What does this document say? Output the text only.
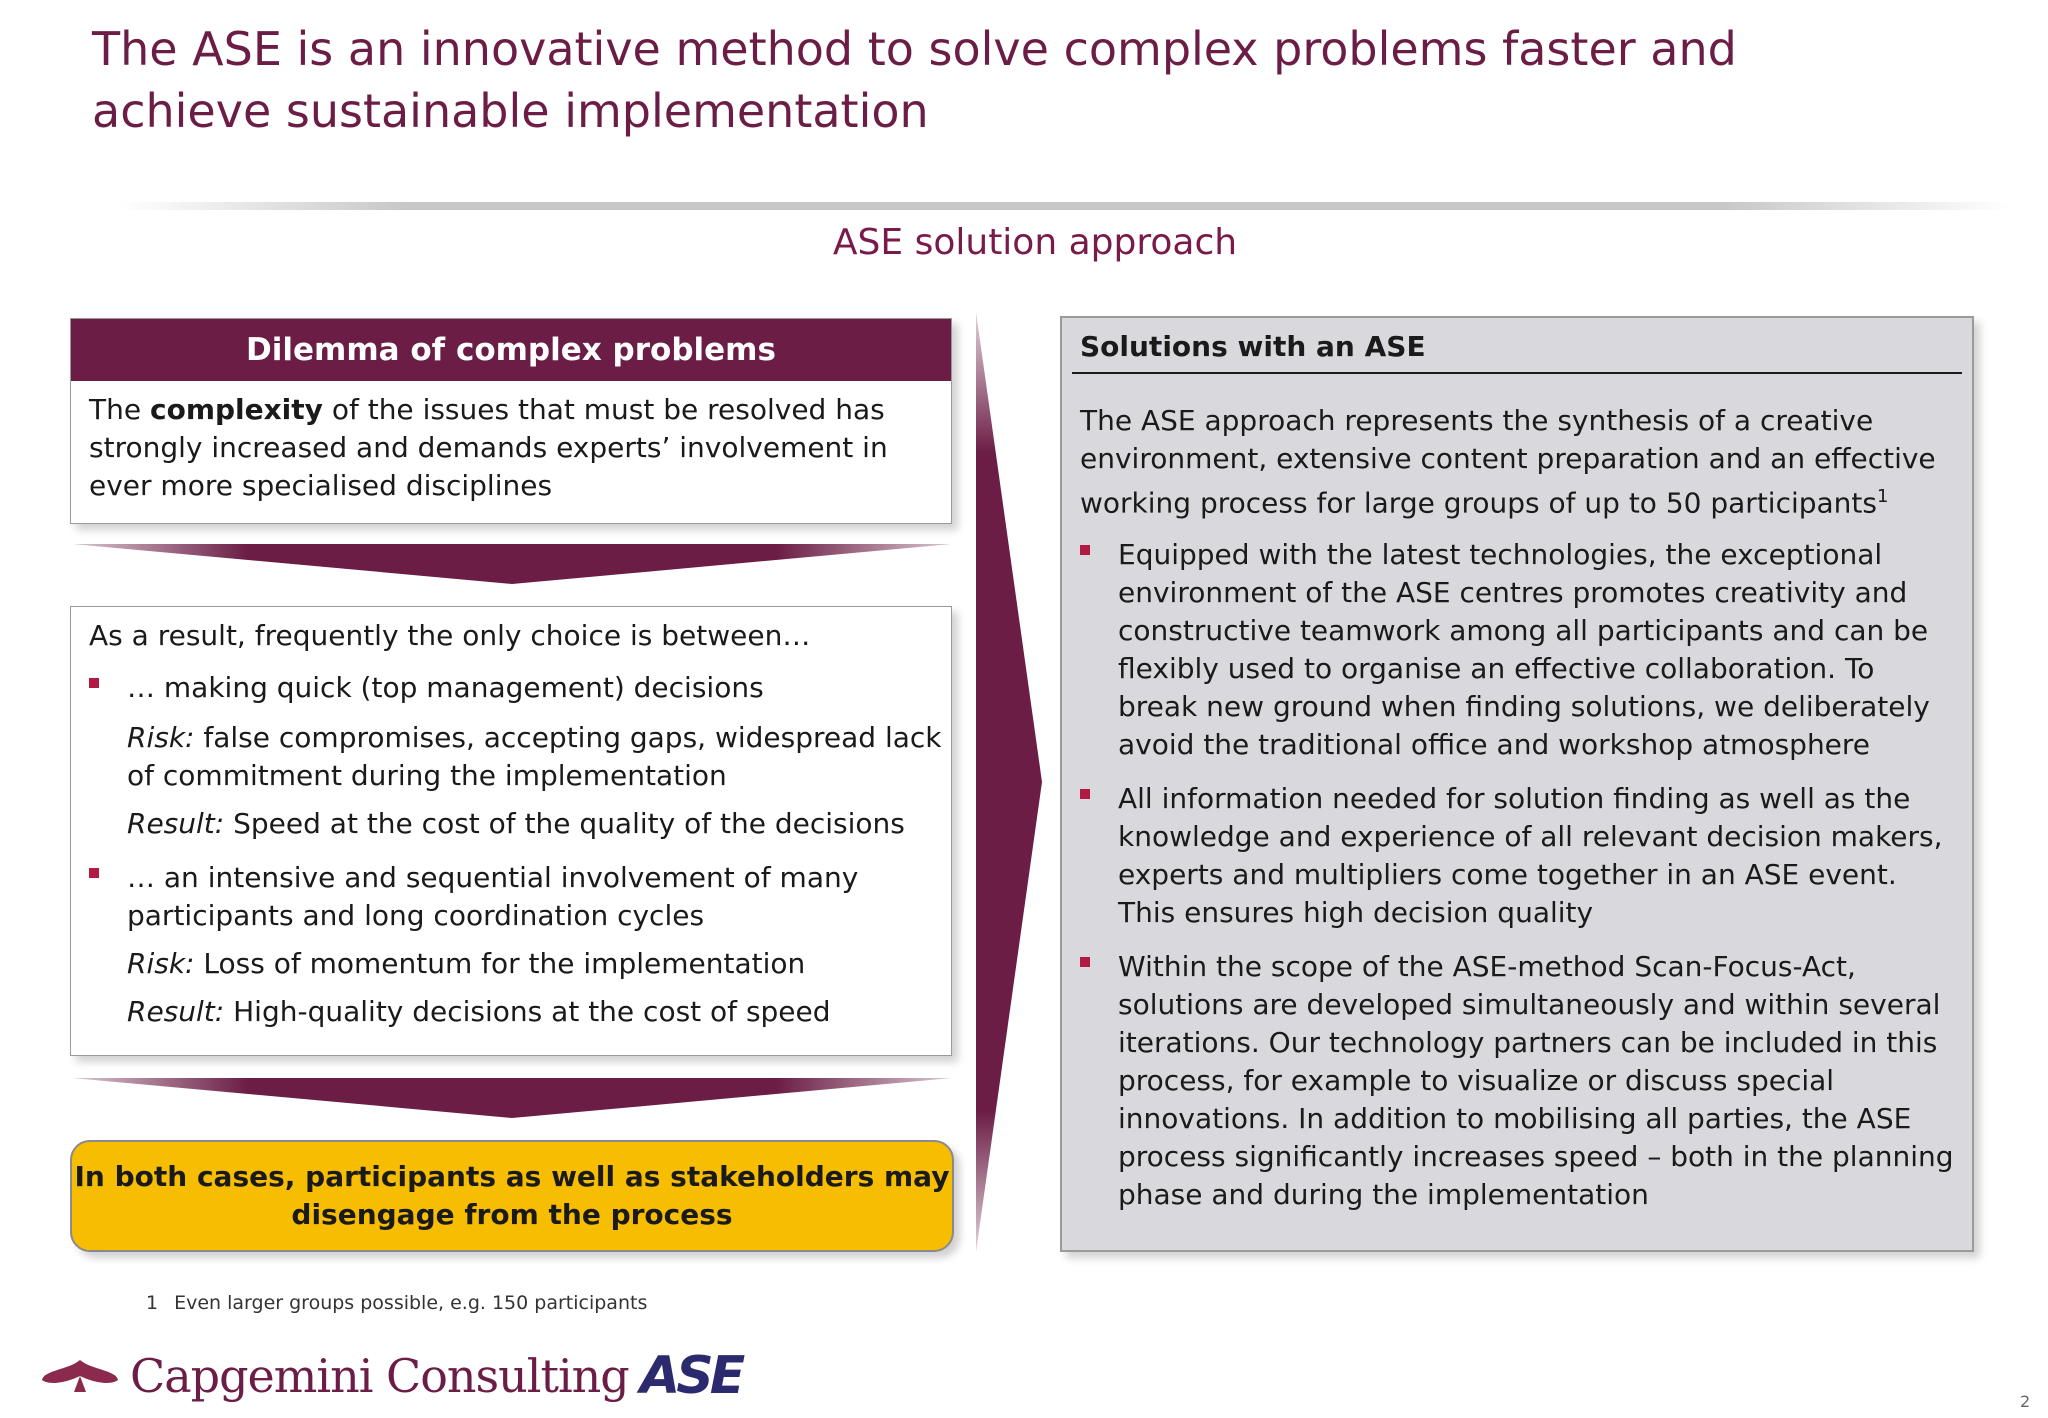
The ASE is an innovative method to solve complex problems faster and achieve sustainable implementation
ASE solution approach
Dilemma of complex problems
The complexity of the issues that must be resolved has strongly increased and demands experts’ involvement in ever more specialised disciplines
As a result, frequently the only choice is between…
… making quick (top management) decisions
Risk: false compromises, accepting gaps, widespread lack of commitment during the implementation
Result: Speed at the cost of the quality of the decisions
… an intensive and sequential involvement of many participants and long coordination cycles
Risk: Loss of momentum for the implementation
Result: High-quality decisions at the cost of speed
In both cases, participants as well as stakeholders may disengage from the process
Solutions with an ASE
The ASE approach represents the synthesis of a creative environment, extensive content preparation and an effective working process for large groups of up to 50 participants$^1$
Equipped with the latest technologies, the exceptional environment of the ASE centres promotes creativity and constructive teamwork among all participants and can be flexibly used to organise an effective collaboration. To break new ground when finding solutions, we deliberately avoid the traditional office and workshop atmosphere
All information needed for solution finding as well as the knowledge and experience of all relevant decision makers, experts and multipliers come together in an ASE event. This ensures high decision quality
Within the scope of the ASE-method Scan-Focus-Act, solutions are developed simultaneously and within several iterations. Our technology partners can be included in this process, for example to visualize or discuss special innovations. In addition to mobilising all parties, the ASE process significantly increases speed – both in the planning phase and during the implementation
1 Even larger groups possible, e.g. 150 participants
Capgemini Consulting ASE	2
